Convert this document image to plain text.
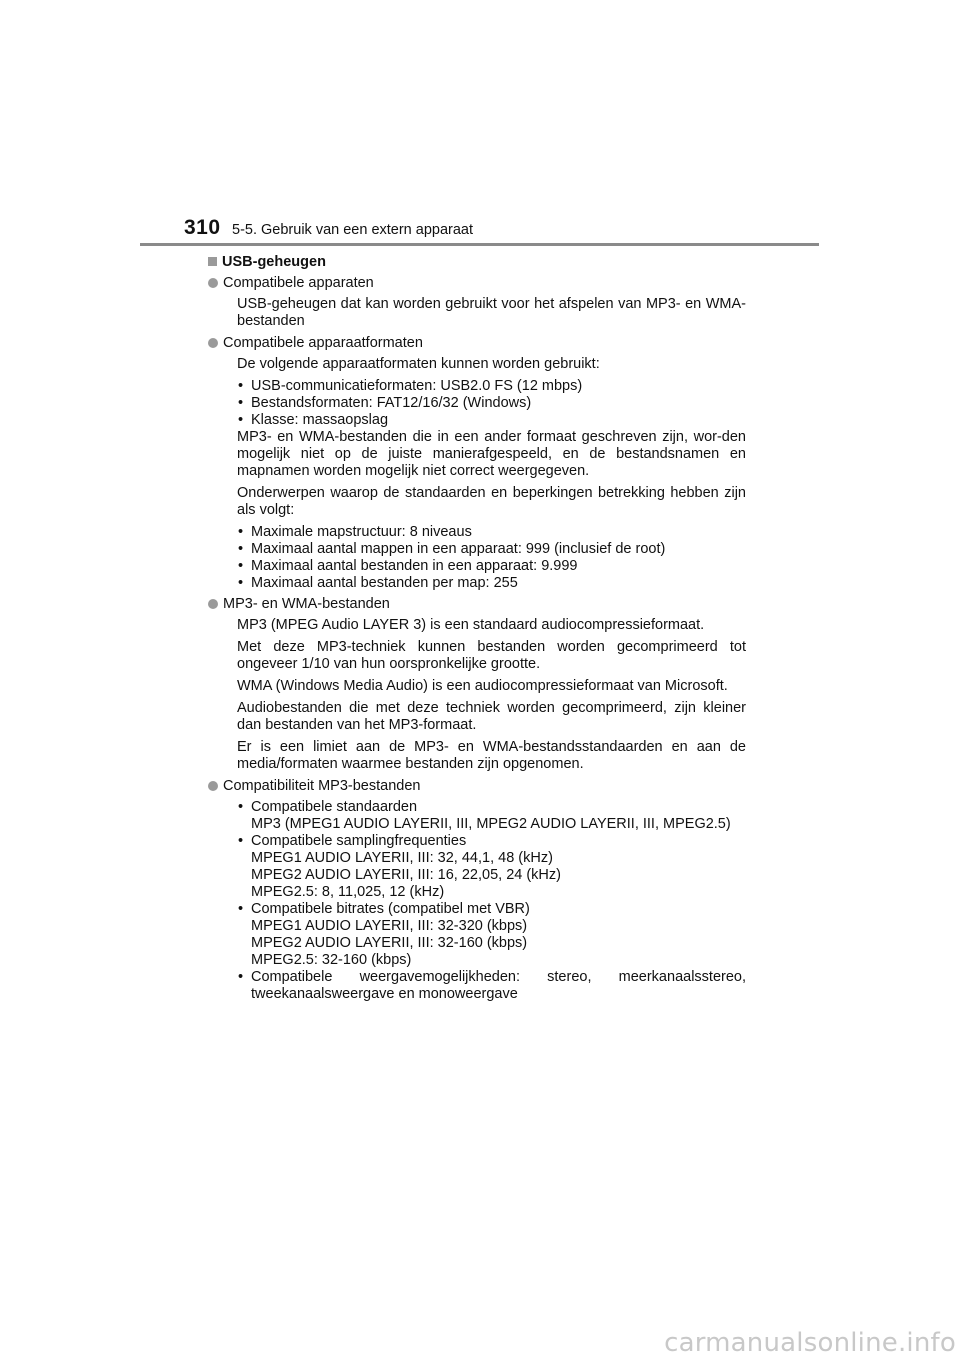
310 5-5. Gebruik van een extern apparaat
USB-geheugen
Compatibele apparaten

USB-geheugen dat kan worden gebruikt voor het afspelen van MP3- en WMA-bestanden

Compatibele apparaatformaten

De volgende apparaatformaten kunnen worden gebruikt:

• USB-communicatieformaten: USB2.0 FS (12 mbps)
• Bestandsformaten: FAT12/16/32 (Windows)
• Klasse: massaopslag

MP3- en WMA-bestanden die in een ander formaat geschreven zijn, wor-den mogelijk niet op de juiste manierafgespeeld, en de bestandsnamen en mapnamen worden mogelijk niet correct weergegeven.

Onderwerpen waarop de standaarden en beperkingen betrekking hebben zijn als volgt:

• Maximale mapstructuur: 8 niveaus
• Maximaal aantal mappen in een apparaat: 999 (inclusief de root)
• Maximaal aantal bestanden in een apparaat: 9.999
• Maximaal aantal bestanden per map: 255
MP3- en WMA-bestanden

MP3 (MPEG Audio LAYER 3) is een standaard audiocompressieformaat.

Met deze MP3-techniek kunnen bestanden worden gecomprimeerd tot ongeveer 1/10 van hun oorspronkelijke grootte.

WMA (Windows Media Audio) is een audiocompressieformaat van Microsoft.

Audiobestanden die met deze techniek worden gecomprimeerd, zijn kleiner dan bestanden van het MP3-formaat.

Er is een limiet aan de MP3- en WMA-bestandsstandaarden en aan de media/formaten waarmee bestanden zijn opgenomen.

Compatibiliteit MP3-bestanden
• Compatibele standaarden
MP3 (MPEG1 AUDIO LAYERII, III, MPEG2 AUDIO LAYERII, III, MPEG2.5)
• Compatibele samplingfrequenties
MPEG1 AUDIO LAYERII, III: 32, 44,1, 48 (kHz)
MPEG2 AUDIO LAYERII, III: 16, 22,05, 24 (kHz)
MPEG2.5: 8, 11,025, 12 (kHz)
• Compatibele bitrates (compatibel met VBR)
MPEG1 AUDIO LAYERII, III: 32-320 (kbps)
MPEG2 AUDIO LAYERII, III: 32-160 (kbps)
MPEG2.5: 32-160 (kbps)
• Compatibele weergavemogelijkheden: stereo, meerkanaalsstereo, tweekanaalsweergave en monoweergave
carmanualsonline.info
